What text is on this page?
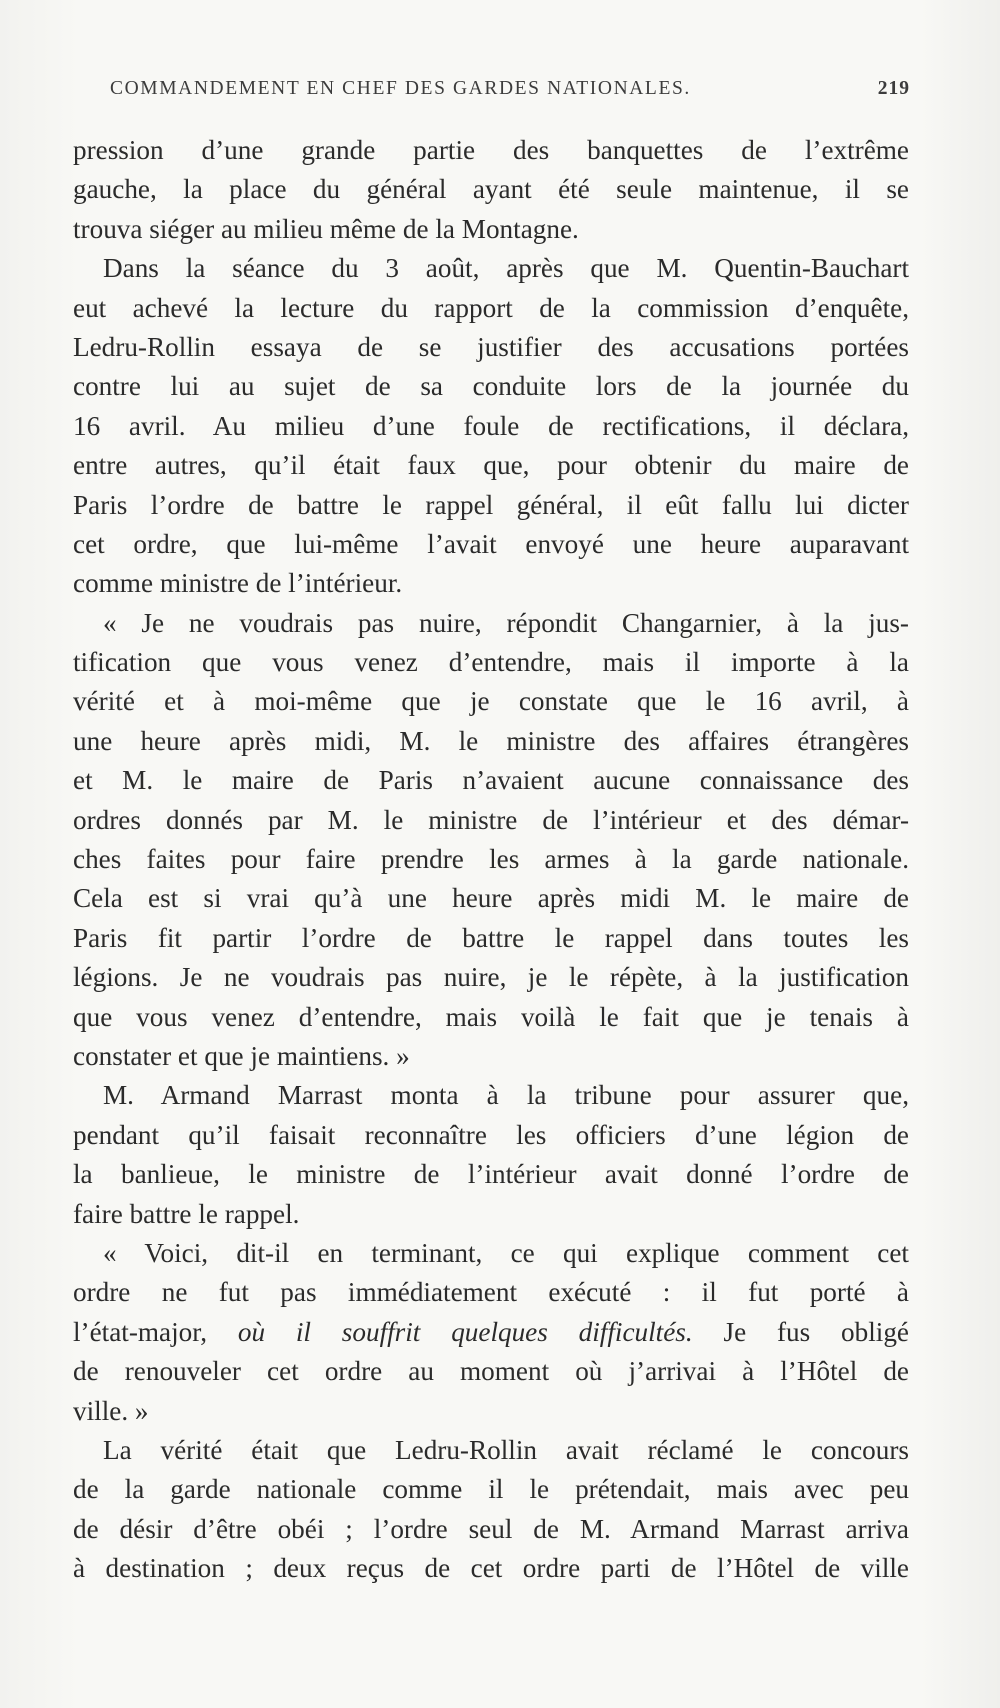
COMMANDEMENT EN CHEF DES GARDES NATIONALES.	219
pression d’une grande partie des banquettes de l’extrême
gauche, la place du général ayant été seule maintenue, il se
trouva siéger au milieu même de la Montagne.
Dans la séance du 3 août, après que M. Quentin-Bauchart
eut achevé la lecture du rapport de la commission d’enquête,
Ledru-Rollin essaya de se justifier des accusations portées
contre lui au sujet de sa conduite lors de la journée du
16 avril. Au milieu d’une foule de rectifications, il déclara,
entre autres, qu’il était faux que, pour obtenir du maire de
Paris l’ordre de battre le rappel général, il eût fallu lui dicter
cet ordre, que lui-même l’avait envoyé une heure auparavant
comme ministre de l’intérieur.
« Je ne voudrais pas nuire, répondit Changarnier, à la jus-
tification que vous venez d’entendre, mais il importe à la
vérité et à moi-même que je constate que le 16 avril, à
une heure après midi, M. le ministre des affaires étrangères
et M. le maire de Paris n’avaient aucune connaissance des
ordres donnés par M. le ministre de l’intérieur et des démar-
ches faites pour faire prendre les armes à la garde nationale.
Cela est si vrai qu’à une heure après midi M. le maire de
Paris fit partir l’ordre de battre le rappel dans toutes les
légions. Je ne voudrais pas nuire, je le répète, à la justification
que vous venez d’entendre, mais voilà le fait que je tenais à
constater et que je maintiens. »
M. Armand Marrast monta à la tribune pour assurer que,
pendant qu’il faisait reconnaître les officiers d’une légion de
la banlieue, le ministre de l’intérieur avait donné l’ordre de
faire battre le rappel.
« Voici, dit-il en terminant, ce qui explique comment cet
ordre ne fut pas immédiatement exécuté : il fut porté à
l’état-major, où il souffrit quelques difficultés. Je fus obligé
de renouveler cet ordre au moment où j’arrivai à l’Hôtel de
ville. »
La vérité était que Ledru-Rollin avait réclamé le concours
de la garde nationale comme il le prétendait, mais avec peu
de désir d’être obéi ; l’ordre seul de M. Armand Marrast arriva
à destination ; deux reçus de cet ordre parti de l’Hôtel de ville
